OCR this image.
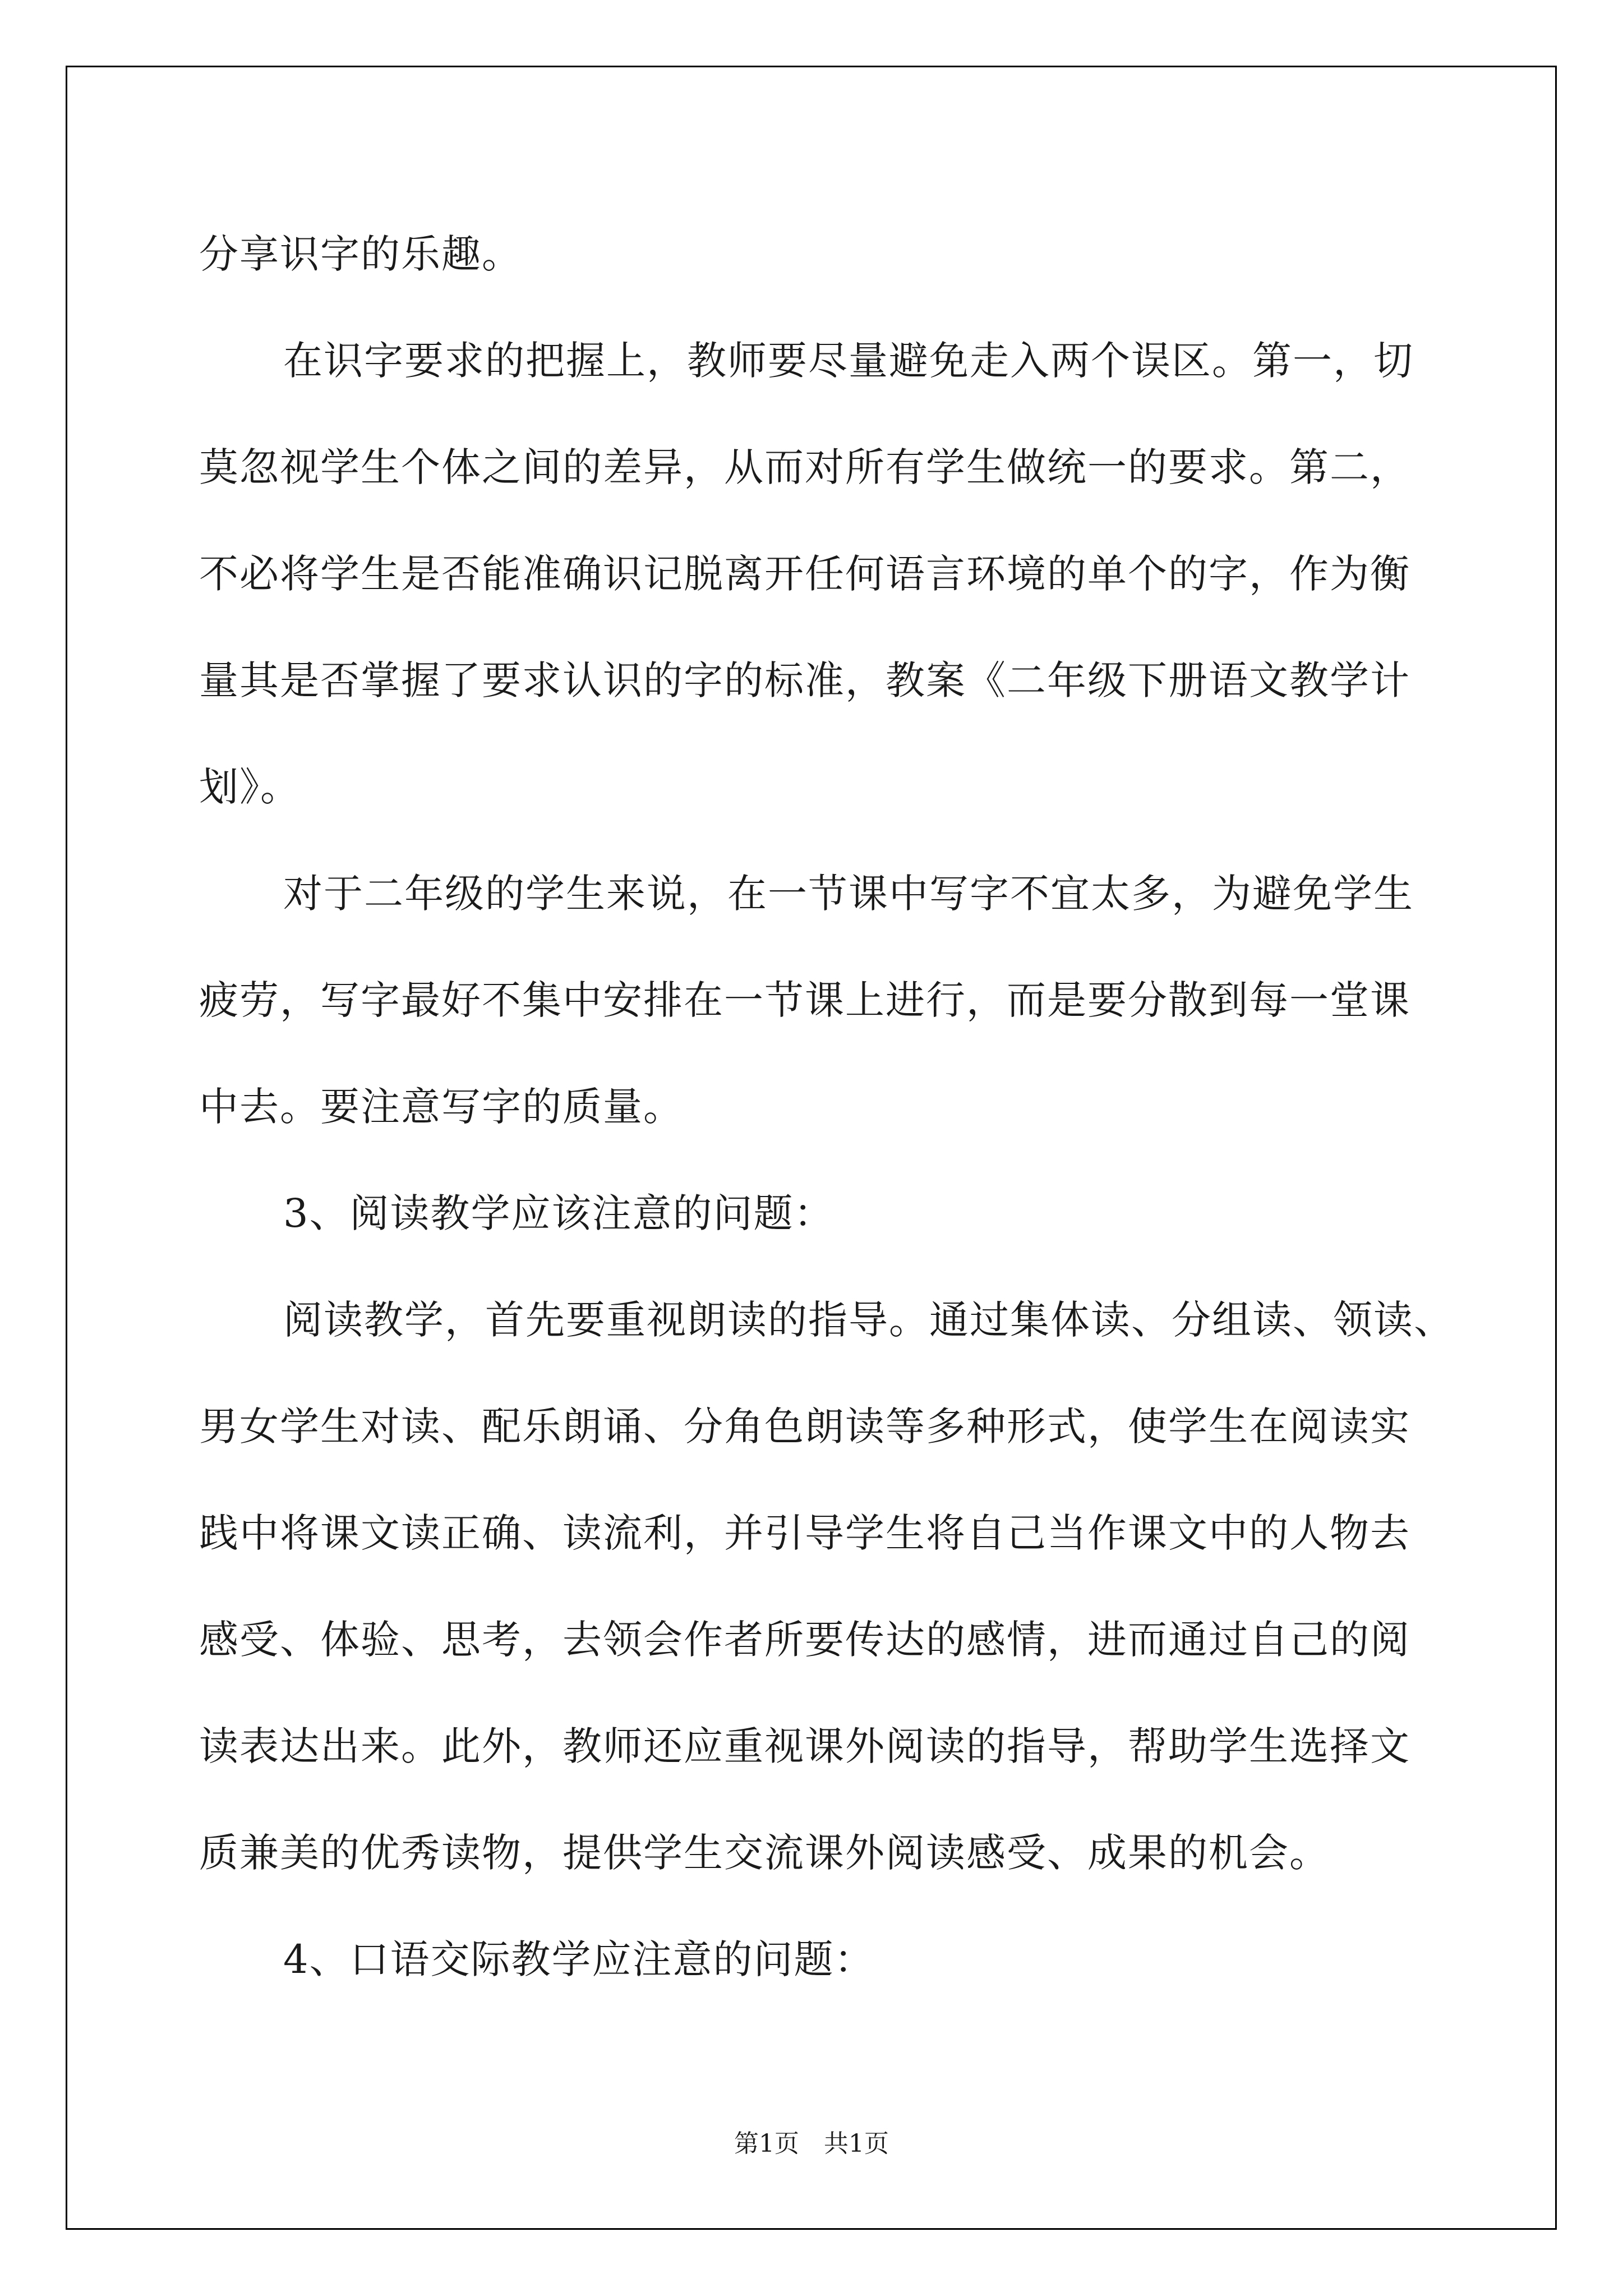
分享识字的乐趣。
在识字要求的把握上，教师要尽量避免走入两个误区。第一，切
莫忽视学生个体之间的差异，从而对所有学生做统一的要求。第二，
不必将学生是否能准确识记脱离开任何语言环境的单个的字，作为衡
量其是否掌握了要求认识的字的标准，教案《二年级下册语文教学计
划》。
对于二年级的学生来说，在一节课中写字不宜太多，为避免学生
疲劳，写字最好不集中安排在一节课上进行，而是要分散到每一堂课
中去。要注意写字的质量。
3、阅读教学应该注意的问题：
阅读教学，首先要重视朗读的指导。通过集体读、分组读、领读、
男女学生对读、配乐朗诵、分角色朗读等多种形式，使学生在阅读实
践中将课文读正确、读流利，并引导学生将自己当作课文中的人物去
感受、体验、思考，去领会作者所要传达的感情，进而通过自己的阅
读表达出来。此外，教师还应重视课外阅读的指导，帮助学生选择文
质兼美的优秀读物，提供学生交流课外阅读感受、成果的机会。
4、口语交际教学应注意的问题：
第1页　共1页
